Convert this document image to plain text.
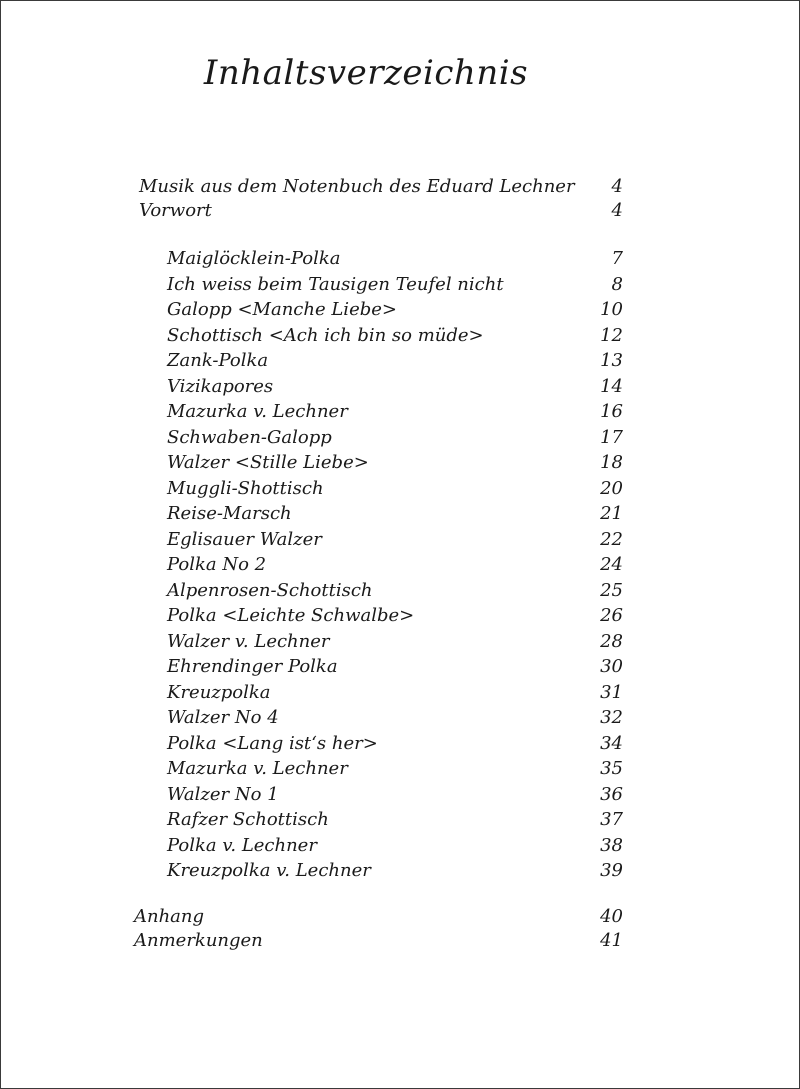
Inhaltsverzeichnis
Musik aus dem Notenbuch des Eduard Lechner	4
Vorwort	4
Maiglöcklein-Polka	7
Ich weiss beim Tausigen Teufel nicht	8
Galopp <Manche Liebe>	10
Schottisch <Ach ich bin so müde>	12
Zank-Polka	13
Vizikapores	14
Mazurka v. Lechner	16
Schwaben-Galopp	17
Walzer <Stille Liebe>	18
Muggli-Shottisch	20
Reise-Marsch	21
Eglisauer Walzer	22
Polka No 2	24
Alpenrosen-Schottisch	25
Polka <Leichte Schwalbe>	26
Walzer v. Lechner	28
Ehrendinger Polka	30
Kreuzpolka	31
Walzer No 4	32
Polka <Lang ist‘s her>	34
Mazurka v. Lechner	35
Walzer No 1	36
Rafzer Schottisch	37
Polka v. Lechner	38
Kreuzpolka v. Lechner	39
Anhang	40
Anmerkungen	41
